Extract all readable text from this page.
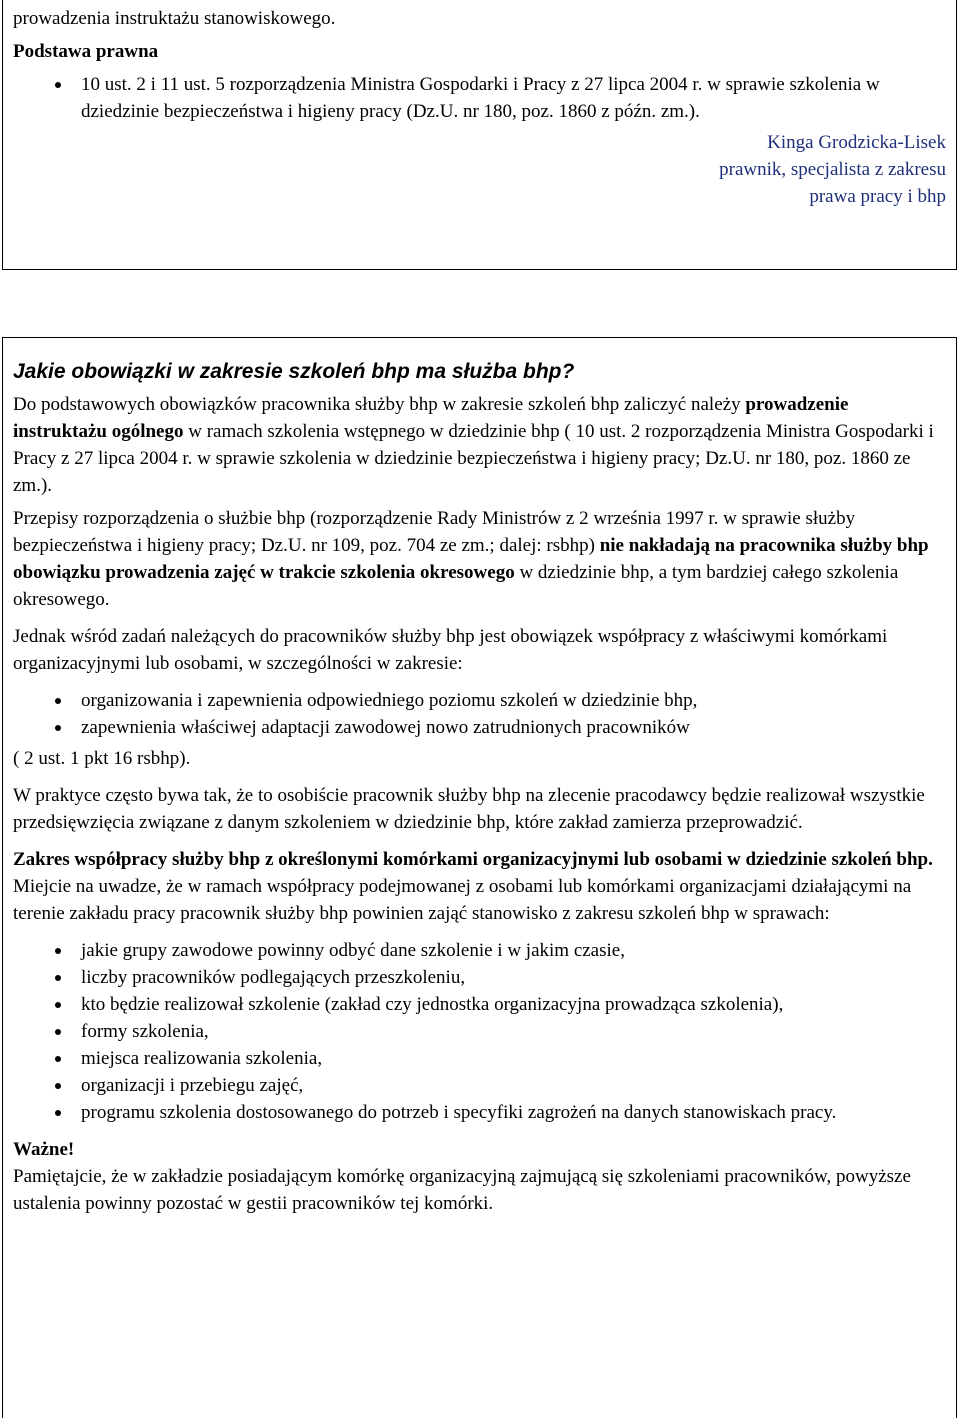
prowadzenia instruktażu stanowiskowego.

Podstawa prawna

10 ust. 2 i 11 ust. 5 rozporządzenia Ministra Gospodarki i Pracy z 27 lipca 2004 r. w sprawie szkolenia w dziedzinie bezpieczeństwa i higieny pracy (Dz.U. nr 180, poz. 1860 z późn. zm.).

Kinga Grodzicka-Lisek

prawnik, specjalista z zakresu

prawa pracy i bhp

Jakie obowiązki w zakresie szkoleń bhp ma służba bhp?

Do podstawowych obowiązków pracownika służby bhp w zakresie szkoleń bhp zaliczyć należy prowadzenie instruktażu ogólnego w ramach szkolenia wstępnego w dziedzinie bhp ( 10 ust. 2 rozporządzenia Ministra Gospodarki i Pracy z 27 lipca 2004 r. w sprawie szkolenia w dziedzinie bezpieczeństwa i higieny pracy; Dz.U. nr 180, poz. 1860 ze zm.).

Przepisy rozporządzenia o służbie bhp (rozporządzenie Rady Ministrów z 2 września 1997 r. w sprawie służby bezpieczeństwa i higieny pracy; Dz.U. nr 109, poz. 704 ze zm.; dalej: rsbhp) nie nakładają na pracownika służby bhp obowiązku prowadzenia zajęć w trakcie szkolenia okresowego w dziedzinie bhp, a tym bardziej całego szkolenia okresowego.

Jednak wśród zadań należących do pracowników służby bhp jest obowiązek współpracy z właściwymi komórkami organizacyjnymi lub osobami, w szczególności w zakresie:

organizowania i zapewnienia odpowiedniego poziomu szkoleń w dziedzinie bhp,
zapewnienia właściwej adaptacji zawodowej nowo zatrudnionych pracowników

( 2 ust. 1 pkt 16 rsbhp).

W praktyce często bywa tak, że to osobiście pracownik służby bhp na zlecenie pracodawcy będzie realizował wszystkie przedsięwzięcia związane z danym szkoleniem w dziedzinie bhp, które zakład zamierza przeprowadzić.

Zakres współpracy służby bhp z określonymi komórkami organizacyjnymi lub osobami w dziedzinie szkoleń bhp.

Miejcie na uwadze, że w ramach współpracy podejmowanej z osobami lub komórkami organizacjami działającymi na terenie zakładu pracy pracownik służby bhp powinien zająć stanowisko z zakresu szkoleń bhp w sprawach:

jakie grupy zawodowe powinny odbyć dane szkolenie i w jakim czasie,
liczby pracowników podlegających przeszkoleniu,
kto będzie realizował szkolenie (zakład czy jednostka organizacyjna prowadząca szkolenia),
formy szkolenia,
miejsca realizowania szkolenia,
organizacji i przebiegu zajęć,
programu szkolenia dostosowanego do potrzeb i specyfiki zagrożeń na danych stanowiskach pracy.

Ważne!

Pamiętajcie, że w zakładzie posiadającym komórkę organizacyjną zajmującą się szkoleniami pracowników, powyższe ustalenia powinny pozostać w gestii pracowników tej komórki.
